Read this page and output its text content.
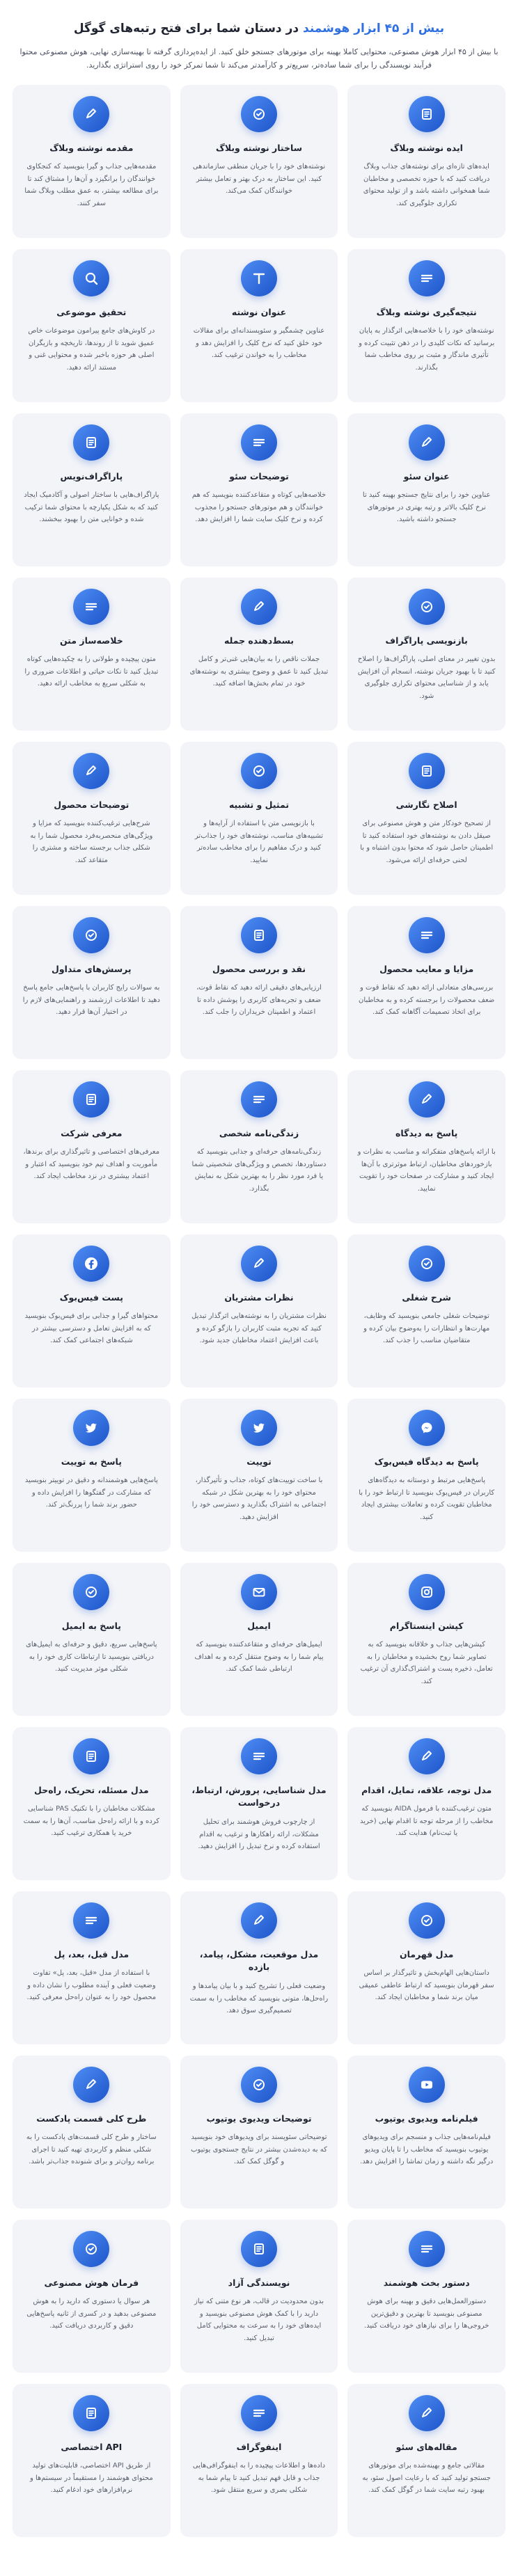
بیش از ۴۵ ابزار هوشمند در دستان شما برای فتح رتبه‌های گوگل

با بیش از ۴۵ ابزار هوش مصنوعی، محتوایی کاملا بهینه برای موتورهای جستجو خلق کنید. از ایده‌پردازی گرفته تا بهینه‌سازی نهایی، هوش مصنوعی محتوا فرآیند نویسندگی را برای شما ساده‌تر، سریع‌تر و کارآمدتر می‌کند تا شما تمرکز خود را روی استراتژی بگذارید.

ایده نوشته وبلاگ
ایده‌های تازه‌ای برای نوشته‌های جذاب وبلاگ دریافت کنید که با حوزه تخصصی و مخاطبان شما همخوانی داشته باشد و از تولید محتوای تکراری جلوگیری کند.
ساختار نوشته وبلاگ
نوشته‌های خود را با جریان منطقی سازماندهی کنید. این ساختار به درک بهتر و تعامل بیشتر خوانندگان کمک می‌کند.
مقدمه نوشته وبلاگ
مقدمه‌هایی جذاب و گیرا بنویسید که کنجکاوی خوانندگان را برانگیزد و آن‌ها را مشتاق کند تا برای مطالعه بیشتر، به عمق مطلب وبلاگ شما سفر کنند.
نتیجه‌گیری نوشته وبلاگ
نوشته‌های خود را با خلاصه‌هایی اثرگذار به پایان برسانید که نکات کلیدی را در ذهن تثبیت کرده و تأثیری ماندگار و مثبت بر روی مخاطب شما بگذارند.
عنوان نوشته
عناوین چشمگیر و سئوپسندانه‌ای برای مقالات خود خلق کنید که نرخ کلیک را افزایش دهد و مخاطب را به خواندن ترغیب کند.
تحقیق موضوعی
در کاوش‌های جامع پیرامون موضوعات خاص عمیق شوید تا از روندها، تاریخچه و بازیگران اصلی هر حوزه باخبر شده و محتوایی غنی و مستند ارائه دهید.
عنوان سئو
عناوین خود را برای نتایج جستجو بهینه کنید تا نرخ کلیک بالاتر و رتبه بهتری در موتورهای جستجو داشته باشید.
توضیحات سئو
خلاصه‌هایی کوتاه و متقاعدکننده بنویسید که هم خوانندگان و هم موتورهای جستجو را مجذوب کرده و نرخ کلیک سایت شما را افزایش دهد.
پاراگراف‌نویس
پاراگراف‌هایی با ساختار اصولی و آکادمیک ایجاد کنید که به شکل یکپارچه با محتوای شما ترکیب شده و خوانایی متن را بهبود ببخشند.
بازنویسی پاراگراف
بدون تغییر در معنای اصلی، پاراگراف‌ها را اصلاح کنید تا با بهبود جریان نوشته، انسجام آن افزایش یابد و از شناسایی محتوای تکراری جلوگیری شود.
بسط‌دهنده جمله
جملات ناقص را به بیان‌هایی غنی‌تر و کامل تبدیل کنید تا عمق و وضوح بیشتری به نوشته‌های خود در تمام بخش‌ها اضافه کنید.
خلاصه‌ساز متن
متون پیچیده و طولانی را به چکیده‌هایی کوتاه تبدیل کنید تا نکات حیاتی و اطلاعات ضروری را به شکلی سریع به مخاطب ارائه دهید.
اصلاح نگارشی
از تصحیح خودکار متن و هوش مصنوعی برای صیقل دادن به نوشته‌های خود استفاده کنید تا اطمینان حاصل شود که محتوا بدون اشتباه و با لحنی حرفه‌ای ارائه می‌شود.
تمثیل و تشبیه
با بازنویسی متن با استفاده از آرایه‌ها و تشبیه‌های مناسب، نوشته‌های خود را جذاب‌تر کنید و درک مفاهیم را برای مخاطب ساده‌تر نمایید.
توضیحات محصول
شرح‌هایی ترغیب‌کننده بنویسید که مزایا و ویژگی‌های منحصربه‌فرد محصول شما را به شکلی جذاب برجسته ساخته و مشتری را متقاعد کند.
مزایا و معایب محصول
بررسی‌های متعادلی ارائه دهید که نقاط قوت و ضعف محصولات را برجسته کرده و به مخاطبان برای اتخاذ تصمیمات آگاهانه کمک کند.
نقد و بررسی محصول
ارزیابی‌های دقیقی ارائه دهید که نقاط قوت، ضعف و تجربه‌های کاربری را پوشش داده تا اعتماد و اطمینان خریداران را جلب کند.
پرسش‌های متداول
به سوالات رایج کاربران با پاسخ‌هایی جامع پاسخ دهید تا اطلاعات ارزشمند و راهنمایی‌های لازم را در اختیار آن‌ها قرار دهید.
پاسخ به دیدگاه
با ارائه پاسخ‌های متفکرانه و مناسب به نظرات و بازخوردهای مخاطبان، ارتباط موثرتری با آن‌ها ایجاد کنید و مشارکت در صفحات خود را تقویت نمایید.
زندگی‌نامه شخصی
زندگی‌نامه‌های حرفه‌ای و جذابی بنویسید که دستاوردها، تخصص و ویژگی‌های شخصیتی شما یا فرد مورد نظر را به بهترین شکل به نمایش بگذارد.
معرفی شرکت
معرفی‌های اختصاصی و تاثیرگذاری برای برندها، مأموریت و اهداف تیم خود بنویسید که اعتبار و اعتماد بیشتری در نزد مخاطب ایجاد کند.
شرح شغلی
توضیحات شغلی جامعی بنویسید که وظایف، مهارت‌ها و انتظارات را به‌وضوح بیان کرده و متقاضیان مناسب را جذب کند.
نظرات مشتریان
نظرات مشتریان را به نوشته‌هایی اثرگذار تبدیل کنید که تجربه مثبت کاربران را بازگو کرده و باعث افزایش اعتماد مخاطبان جدید شود.
پست فیس‌بوک
محتواهای گیرا و جذابی برای فیس‌بوک بنویسید که به افزایش تعامل و دسترسی بیشتر در شبکه‌های اجتماعی کمک کند.
پاسخ به دیدگاه فیس‌بوک
پاسخ‌هایی مرتبط و دوستانه به دیدگاه‌های کاربران در فیس‌بوک بنویسید تا ارتباط خود را با مخاطبان تقویت کرده و تعاملات بیشتری ایجاد کنید.
توییت
با ساخت توییت‌های کوتاه، جذاب و تأثیرگذار، محتوای خود را به بهترین شکل در شبکه اجتماعی به اشتراک بگذارید و دسترسی خود را افزایش دهید.
پاسخ به توییت
پاسخ‌هایی هوشمندانه و دقیق در توییتر بنویسید که مشارکت در گفتگوها را افزایش داده و حضور برند شما را پررنگ‌تر کند.
کپشن اینستاگرام
کپشن‌هایی جذاب و خلاقانه بنویسید که به تصاویر شما روح بخشیده و مخاطبان را به تعامل، ذخیره پست و اشتراک‌گذاری آن ترغیب کند.
ایمیل
ایمیل‌های حرفه‌ای و متقاعدکننده بنویسید که پیام شما را به وضوح منتقل کرده و به اهداف ارتباطی شما کمک کند.
پاسخ به ایمیل
پاسخ‌هایی سریع، دقیق و حرفه‌ای به ایمیل‌های دریافتی بنویسید تا ارتباطات کاری خود را به شکلی موثر مدیریت کنید.
مدل توجه، علاقه، تمایل، اقدام
متون ترغیب‌کننده با فرمول AIDA بنویسید که مخاطب را از مرحله توجه تا اقدام نهایی (خرید یا ثبت‌نام) هدایت کند.
مدل شناسایی، پرورش، ارتباط، درخواست
از چارچوب فروش هوشمند برای تحلیل مشکلات، ارائه راهکارها و ترغیب به اقدام استفاده کرده و نرخ تبدیل را افزایش دهید.
مدل مسئله، تحریک، راه‌حل
مشکلات مخاطبان را با تکنیک PAS شناسایی کرده و با ارائه راه‌حل مناسب، آن‌ها را به سمت خرید یا همکاری ترغیب کنید.
مدل قهرمان
داستان‌هایی الهام‌بخش و تاثیرگذار بر اساس سفر قهرمان بنویسید که ارتباط عاطفی عمیقی میان برند شما و مخاطبان ایجاد کند.
مدل موقعیت، مشکل، پیامد، بازده
وضعیت فعلی را تشریح کنید و با بیان پیامدها و راه‌حل‌ها، متونی بنویسید که مخاطب را به سمت تصمیم‌گیری سوق دهد.
مدل قبل، بعد، پل
با استفاده از مدل «قبل، بعد، پل» تفاوت وضعیت فعلی و آینده مطلوب را نشان داده و محصول خود را به عنوان راه‌حل معرفی کنید.
فیلم‌نامه ویدیوی یوتیوب
فیلم‌نامه‌هایی جذاب و منسجم برای ویدیوهای یوتیوب بنویسید که مخاطب را تا پایان ویدیو درگیر نگه داشته و زمان تماشا را افزایش دهد.
توضیحات ویدیوی یوتیوب
توضیحاتی سئوپسند برای ویدیوهای خود بنویسید که به دیده‌شدن بیشتر در نتایج جستجوی یوتیوب و گوگل کمک کند.
طرح کلی قسمت پادکست
ساختار و طرح کلی قسمت‌های پادکست را به شکلی منظم و کاربردی تهیه کنید تا اجرای برنامه روان‌تر و برای شنونده جذاب‌تر باشد.
دستور بخت هوشمند
دستورالعمل‌هایی دقیق و بهینه برای هوش مصنوعی بنویسید تا بهترین و دقیق‌ترین خروجی‌ها را برای نیازهای خود دریافت کنید.
نویسندگی آزاد
بدون محدودیت در قالب، هر نوع متنی که نیاز دارید را با کمک هوش مصنوعی بنویسید و ایده‌های خود را به سرعت به محتوایی کامل تبدیل کنید.
فرمان هوش مصنوعی
هر سوال یا دستوری که دارید را به هوش مصنوعی بدهید و در کسری از ثانیه پاسخ‌هایی دقیق و کاربردی دریافت کنید.
مقاله‌های سئو
مقالاتی جامع و بهینه‌شده برای موتورهای جستجو تولید کنید که با رعایت اصول سئو، به بهبود رتبه سایت شما در گوگل کمک کند.
اینفوگراف
داده‌ها و اطلاعات پیچیده را به اینفوگرافی‌هایی جذاب و قابل فهم تبدیل کنید تا پیام شما به شکلی بصری و سریع منتقل شود.
API اختصاصی
از طریق API اختصاصی، قابلیت‌های تولید محتوای هوشمند را مستقیماً در سیستم‌ها و نرم‌افزارهای خود ادغام کنید.
